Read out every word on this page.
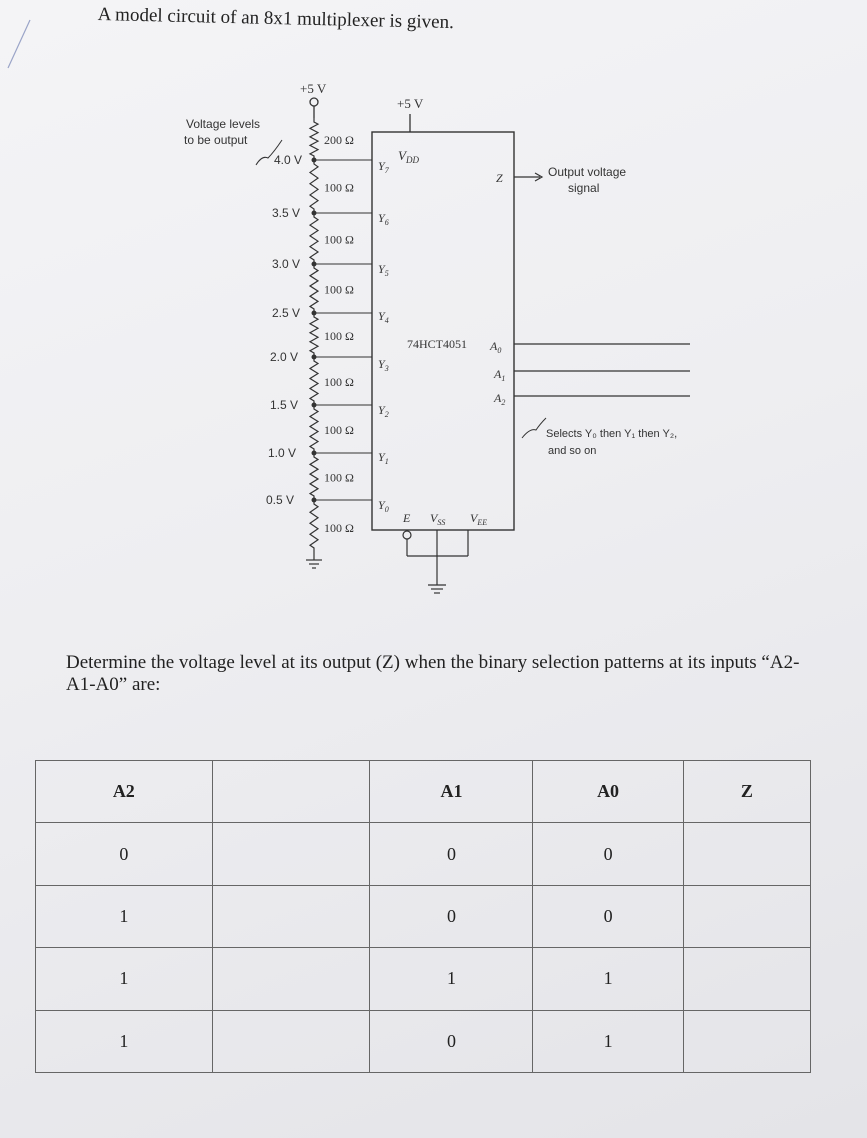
A model circuit of an 8x1 multiplexer is given.
+5 V
200 Ω
100 Ω
100 Ω
100 Ω
100 Ω
100 Ω
100 Ω
100 Ω
100 Ω
4.0 V	$Y_7$
3.5 V	$Y_6$
3.0 V	$Y_5$
2.5 V	$Y_4$
2.0 V	$Y_3$
1.5 V	$Y_2$
1.0 V	$Y_1$
0.5 V	$Y_0$
Voltage levels
to be output
+5 V
$V_{DD}$
74HCT4051
Z	Output voltage
signal
$A_0$
$A_1$
$A_2$
Selects Y₀ then Y₁ then Y₂,
and so on
E $V_{SS}$ $V_{EE}$
Determine the voltage level at its output (Z) when the binary selection patterns at its inputs “A2-A1-A0” are:
A2		A1	A0	Z
0		0	0	
1		0	0	
1		1	1	
1		0	1	
